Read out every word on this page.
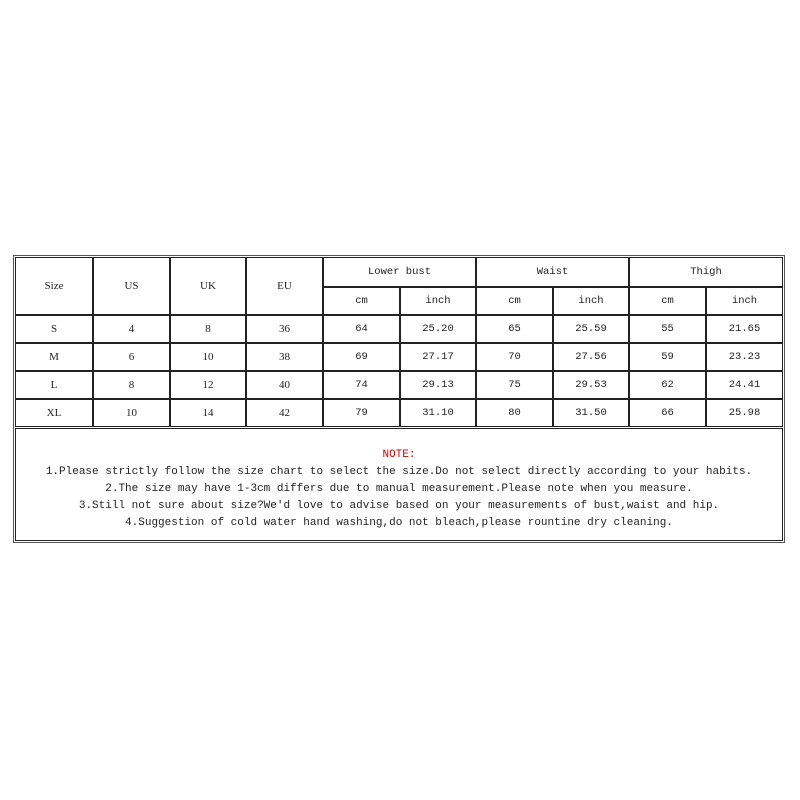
Size	US	UK	EU
Lower bust	Waist	Thigh
cm	inch	cm	inch	cm	inch
S	4	8	36	64	25.20	65	25.59	55	21.65
M	6	10	38	69	27.17	70	27.56	59	23.23
L	8	12	40	74	29.13	75	29.53	62	24.41
XL	10	14	42	79	31.10	80	31.50	66	25.98
NOTE:
1.Please strictly follow the size chart to select the size.Do not select directly according to your habits.
2.The size may have 1-3cm differs due to manual measurement.Please note when you measure.
3.Still not sure about size?We'd love to advise based on your measurements of bust,waist and hip.
4.Suggestion of cold water hand washing,do not bleach,please rountine dry cleaning.
